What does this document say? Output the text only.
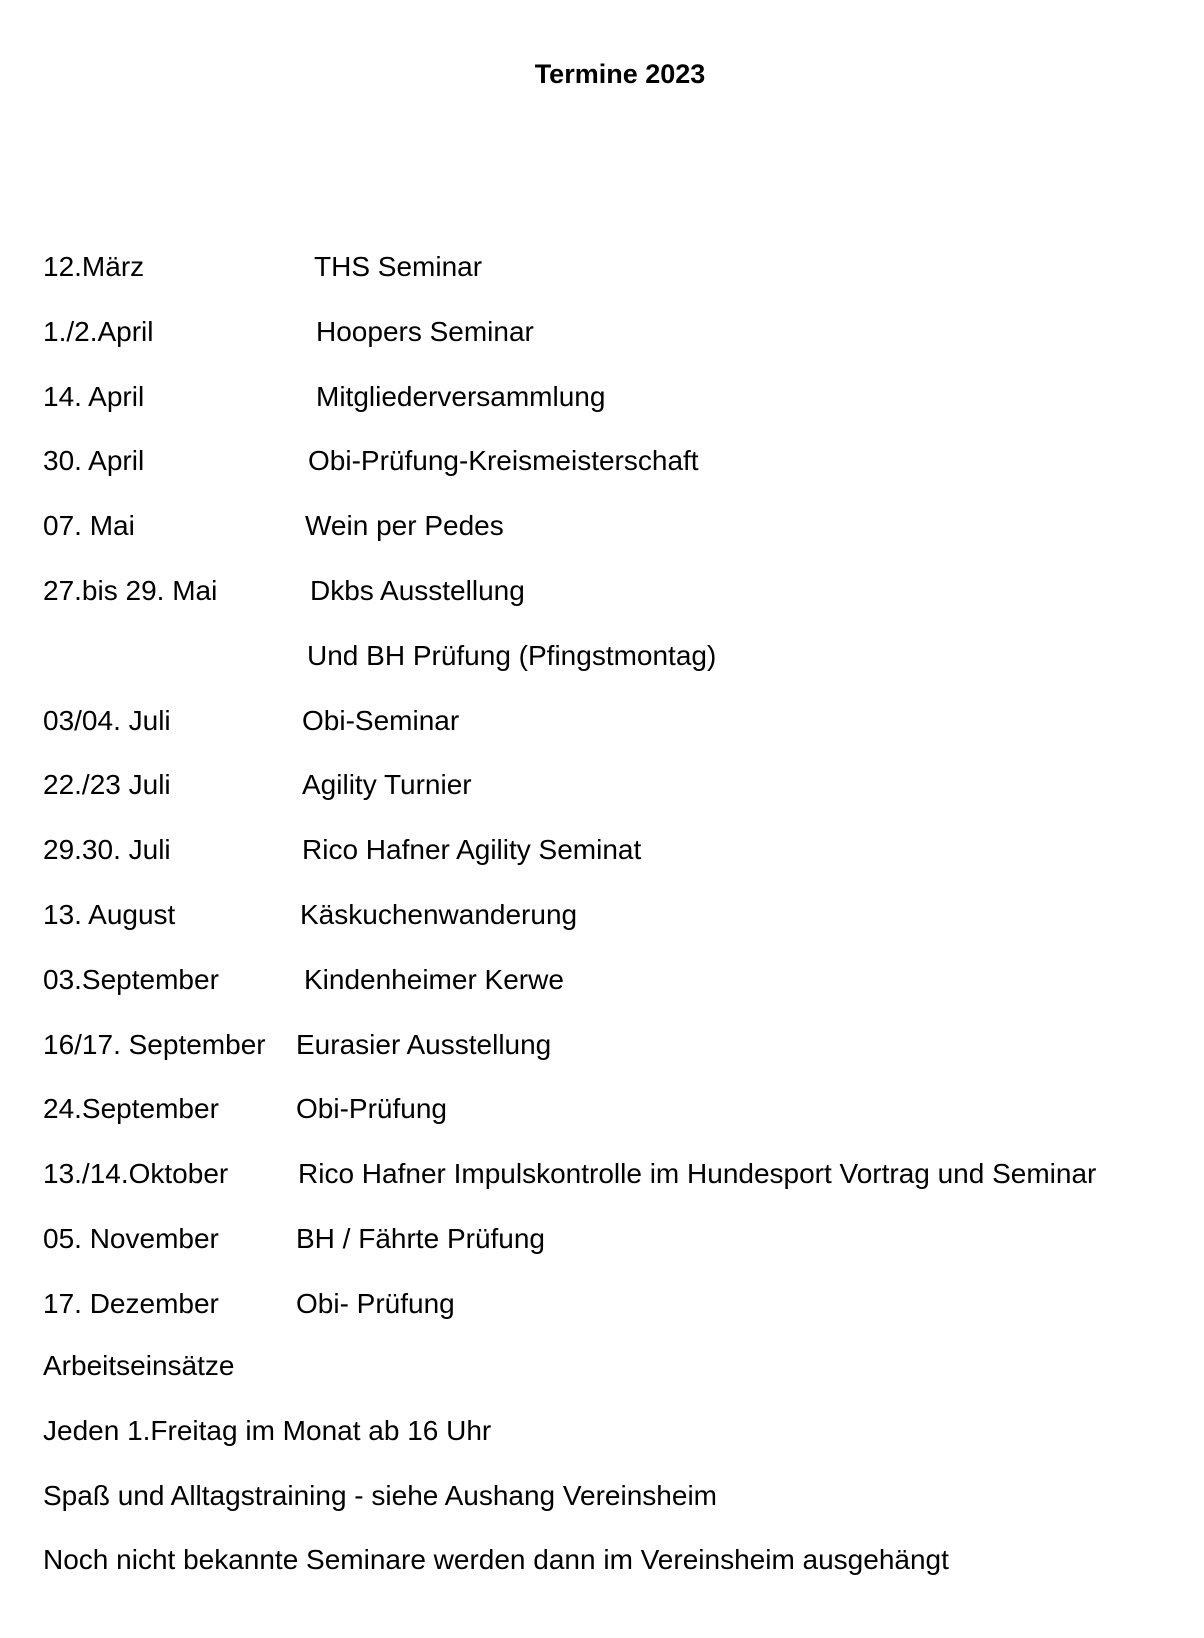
Termine 2023
12.März	THS Seminar
1./2.April	Hoopers Seminar
14. April	Mitgliederversammlung
30. April	Obi-Prüfung-Kreismeisterschaft
07. Mai	Wein per Pedes
27.bis 29. Mai	Dkbs Ausstellung
Und BH Prüfung (Pfingstmontag)
03/04. Juli	Obi-Seminar
22./23 Juli	Agility Turnier
29.30. Juli	Rico Hafner Agility Seminat
13. August	Käskuchenwanderung
03.September	Kindenheimer Kerwe
16/17. September Eurasier Ausstellung
24.September	Obi-Prüfung
13./14.Oktober Rico Hafner Impulskontrolle im Hundesport Vortrag und Seminar
05. November	BH / Fährte Prüfung
17. Dezember	Obi- Prüfung
Arbeitseinsätze
Jeden 1.Freitag im Monat ab 16 Uhr
Spaß und Alltagstraining - siehe Aushang Vereinsheim
Noch nicht bekannte Seminare werden dann im Vereinsheim ausgehängt
